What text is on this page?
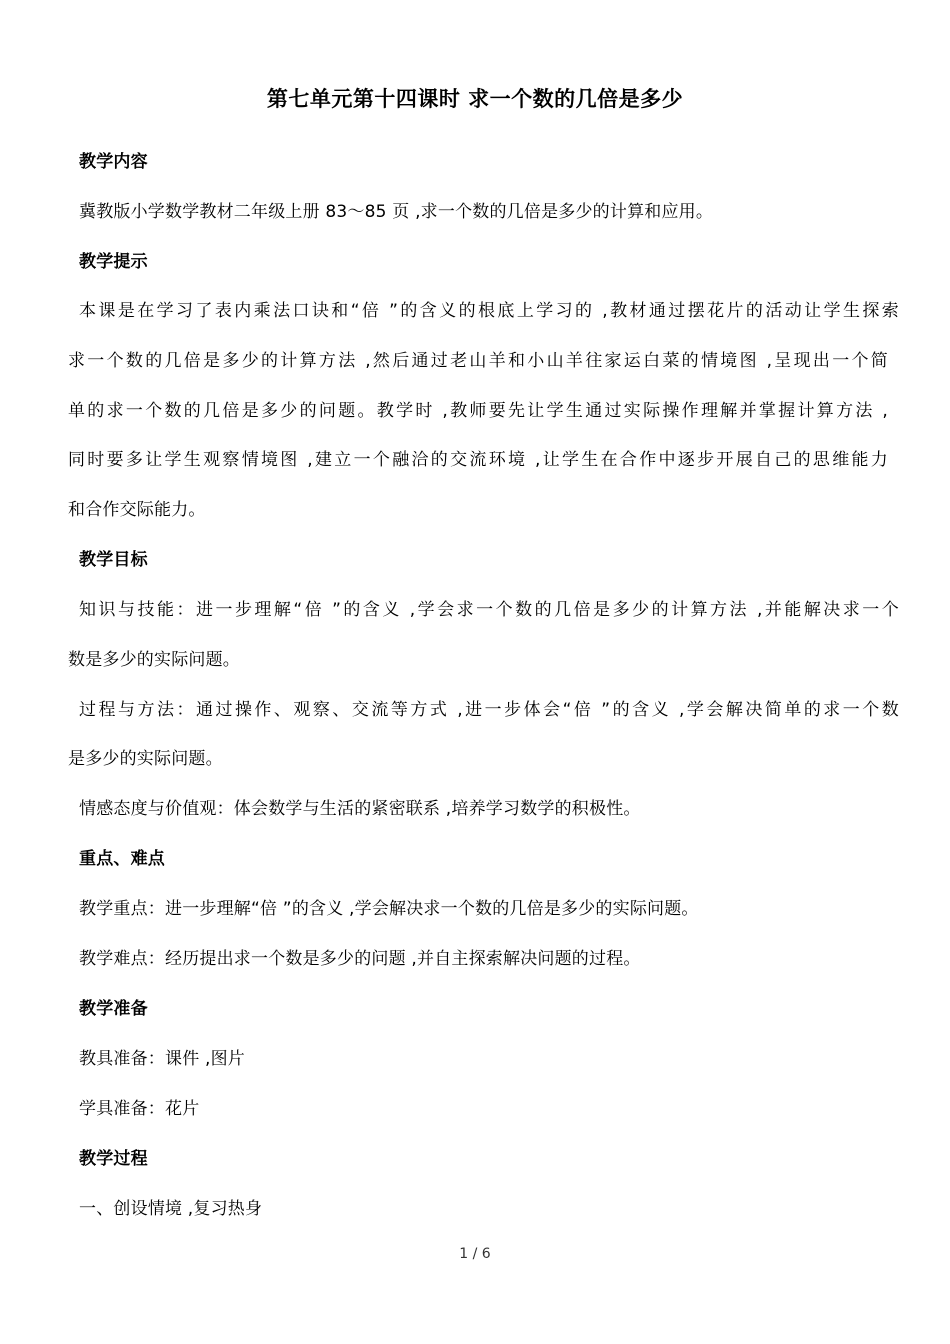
第七单元第十四课时 求一个数的几倍是多少
教学内容
冀教版小学数学教材二年级上册 83～85 页 ,求一个数的几倍是多少的计算和应用。
教学提示
本课是在学习了表内乘法口诀和“倍 ”的含义的根底上学习的 ,教材通过摆花片的活动让学生探索
求一个数的几倍是多少的计算方法 ,然后通过老山羊和小山羊往家运白菜的情境图 ,呈现出一个简
单的求一个数的几倍是多少的问题。教学时 ,教师要先让学生通过实际操作理解并掌握计算方法 ,
同时要多让学生观察情境图 ,建立一个融洽的交流环境 ,让学生在合作中逐步开展自己的思维能力
和合作交际能力。
教学目标
知识与技能：进一步理解“倍 ”的含义 ,学会求一个数的几倍是多少的计算方法 ,并能解决求一个
数是多少的实际问题。
过程与方法：通过操作、观察、交流等方式 ,进一步体会“倍 ”的含义 ,学会解决简单的求一个数
是多少的实际问题。
情感态度与价值观：体会数学与生活的紧密联系 ,培养学习数学的积极性。
重点、难点
教学重点：进一步理解“倍 ”的含义 ,学会解决求一个数的几倍是多少的实际问题。
教学难点：经历提出求一个数是多少的问题 ,并自主探索解决问题的过程。
教学准备
教具准备：课件 ,图片
学具准备：花片
教学过程
一、创设情境 ,复习热身
1 / 6
